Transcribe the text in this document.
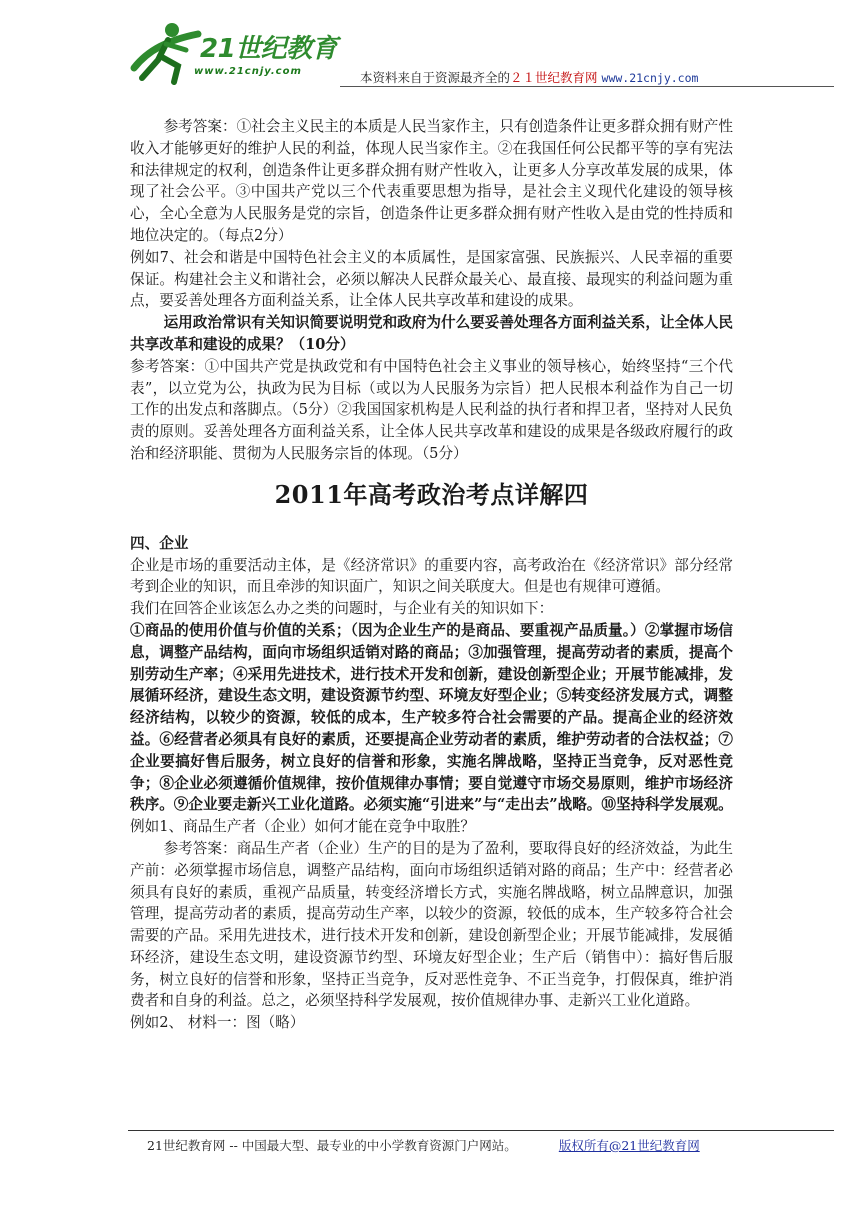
21世纪教育
www.21cnjy.com	本资料来自于资源最齐全的２１世纪教育网 www.21cnjy.com

参考答案：①社会主义民主的本质是人民当家作主，只有创造条件让更多群众拥有财产性收入才能够更好的维护人民的利益，体现人民当家作主。②在我国任何公民都平等的享有宪法和法律规定的权利，创造条件让更多群众拥有财产性收入，让更多人分享改革发展的成果，体现了社会公平。③中国共产党以三个代表重要思想为指导，是社会主义现代化建设的领导核心，全心全意为人民服务是党的宗旨，创造条件让更多群众拥有财产性收入是由党的性持质和地位决定的。（每点2分）

例如7、社会和谐是中国特色社会主义的本质属性，是国家富强、民族振兴、人民幸福的重要保证。构建社会主义和谐社会，必须以解决人民群众最关心、最直接、最现实的利益问题为重点，要妥善处理各方面利益关系，让全体人民共享改革和建设的成果。

运用政治常识有关知识简要说明党和政府为什么要妥善处理各方面利益关系，让全体人民共享改革和建设的成果？（10分）

参考答案：①中国共产党是执政党和有中国特色社会主义事业的领导核心，始终坚持“三个代表”，以立党为公，执政为民为目标（或以为人民服务为宗旨）把人民根本利益作为自己一切工作的出发点和落脚点。（5分）②我国国家机构是人民利益的执行者和捍卫者，坚持对人民负责的原则。妥善处理各方面利益关系，让全体人民共享改革和建设的成果是各级政府履行的政治和经济职能、贯彻为人民服务宗旨的体现。（5分）

2011年高考政治考点详解四

四、企业

企业是市场的重要活动主体，是《经济常识》的重要内容，高考政治在《经济常识》部分经常考到企业的知识，而且牵涉的知识面广，知识之间关联度大。但是也有规律可遵循。

我们在回答企业该怎么办之类的问题时，与企业有关的知识如下：

①商品的使用价值与价值的关系；（因为企业生产的是商品、要重视产品质量。）②掌握市场信息，调整产品结构，面向市场组织适销对路的商品；③加强管理，提高劳动者的素质，提高个别劳动生产率；④采用先进技术，进行技术开发和创新，建设创新型企业；开展节能减排，发展循环经济，建设生态文明，建设资源节约型、环境友好型企业；⑤转变经济发展方式，调整经济结构，以较少的资源，较低的成本，生产较多符合社会需要的产品。提高企业的经济效益。⑥经营者必须具有良好的素质，还要提高企业劳动者的素质，维护劳动者的合法权益；⑦企业要搞好售后服务，树立良好的信誉和形象，实施名牌战略，坚持正当竞争，反对恶性竞争；⑧企业必须遵循价值规律，按价值规律办事情；要自觉遵守市场交易原则，维护市场经济秩序。⑨企业要走新兴工业化道路。必须实施“引进来”与“走出去”战略。⑩坚持科学发展观。

例如1、商品生产者（企业）如何才能在竞争中取胜？

参考答案：商品生产者（企业）生产的目的是为了盈利，要取得良好的经济效益，为此生产前：必须掌握市场信息，调整产品结构，面向市场组织适销对路的商品；生产中：经营者必须具有良好的素质，重视产品质量，转变经济增长方式，实施名牌战略，树立品牌意识，加强管理，提高劳动者的素质，提高劳动生产率，以较少的资源，较低的成本，生产较多符合社会需要的产品。采用先进技术，进行技术开发和创新，建设创新型企业；开展节能减排，发展循环经济，建设生态文明，建设资源节约型、环境友好型企业；生产后（销售中）：搞好售后服务，树立良好的信誉和形象，坚持正当竞争，反对恶性竞争、不正当竞争，打假保真，维护消费者和自身的利益。总之，必须坚持科学发展观，按价值规律办事、走新兴工业化道路。

例如2、 材料一：图（略）

21世纪教育网 -- 中国最大型、最专业的中小学教育资源门户网站。	版权所有@21世纪教育网
